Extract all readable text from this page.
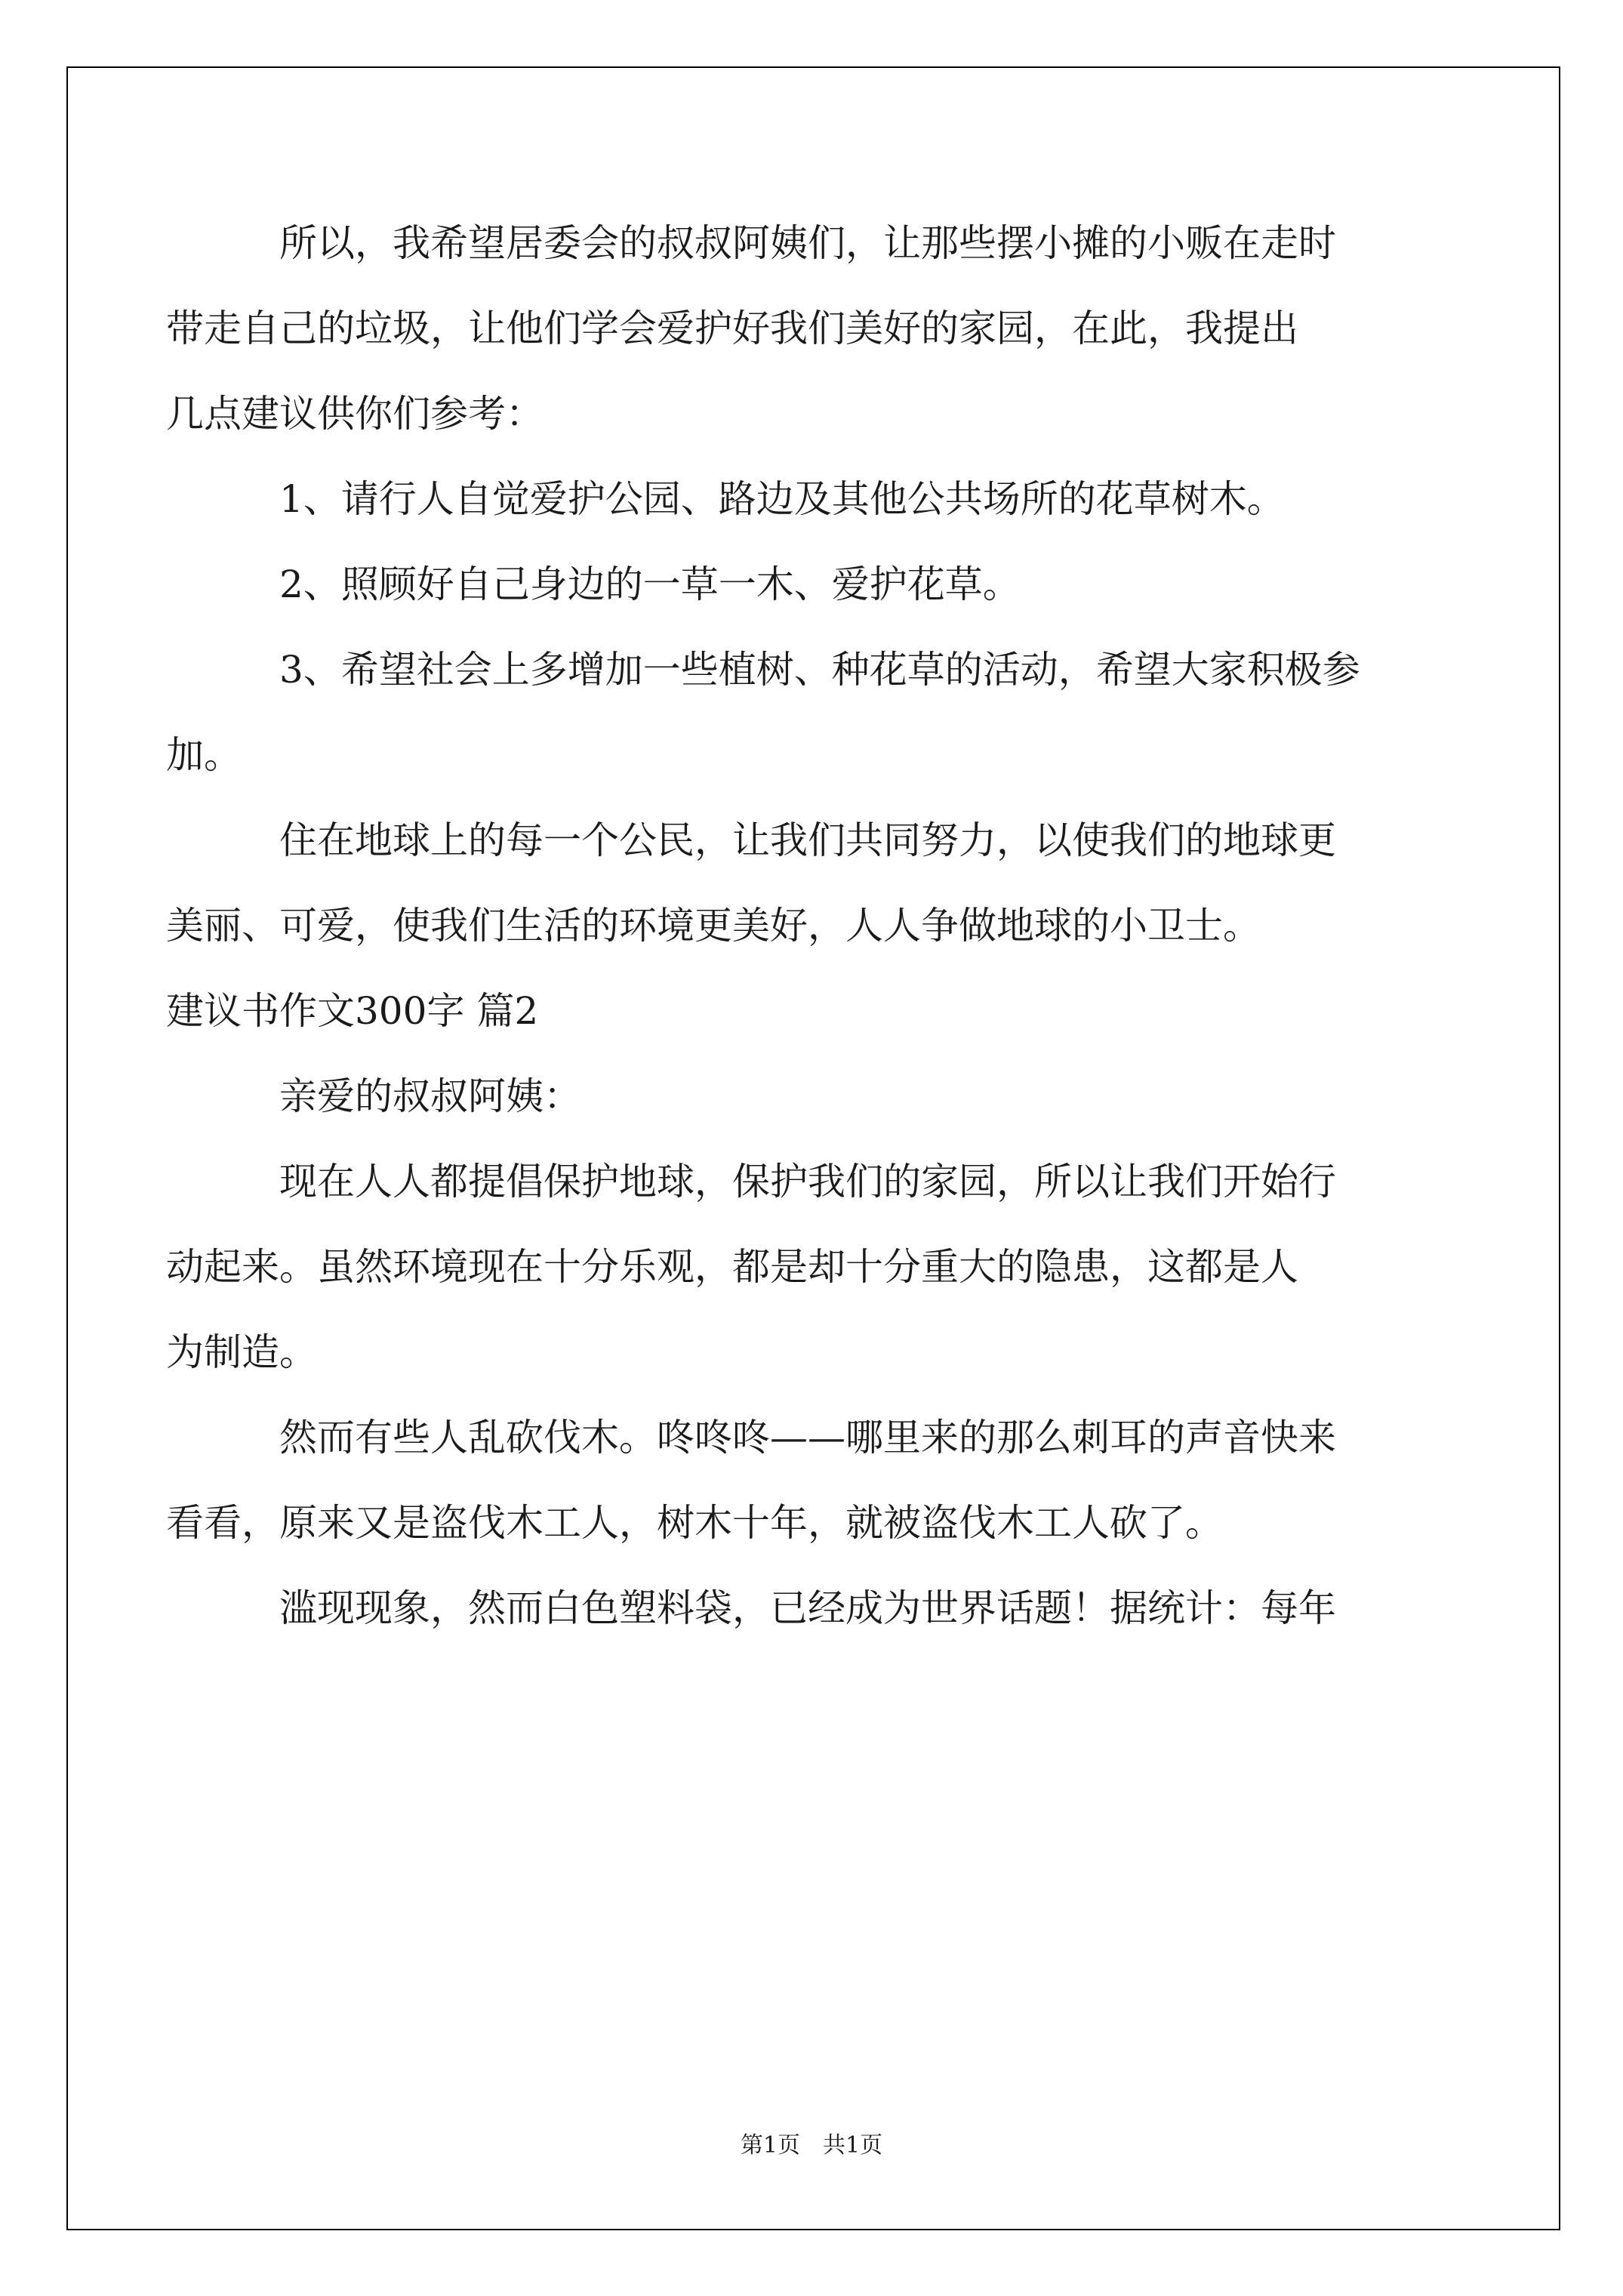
所以，我希望居委会的叔叔阿姨们，让那些摆小摊的小贩在走时
带走自己的垃圾，让他们学会爱护好我们美好的家园，在此，我提出
几点建议供你们参考：
1、请行人自觉爱护公园、路边及其他公共场所的花草树木。
2、照顾好自己身边的一草一木、爱护花草。
3、希望社会上多增加一些植树、种花草的活动，希望大家积极参
加。
住在地球上的每一个公民，让我们共同努力，以使我们的地球更
美丽、可爱，使我们生活的环境更美好，人人争做地球的小卫士。
建议书作文300字 篇2
亲爱的叔叔阿姨：
现在人人都提倡保护地球，保护我们的家园，所以让我们开始行
动起来。虽然环境现在十分乐观，都是却十分重大的隐患，这都是人
为制造。
然而有些人乱砍伐木。咚咚咚——哪里来的那么刺耳的声音快来
看看，原来又是盗伐木工人，树木十年，就被盗伐木工人砍了。
滥现现象，然而白色塑料袋，已经成为世界话题！据统计：每年
第1页　共1页
